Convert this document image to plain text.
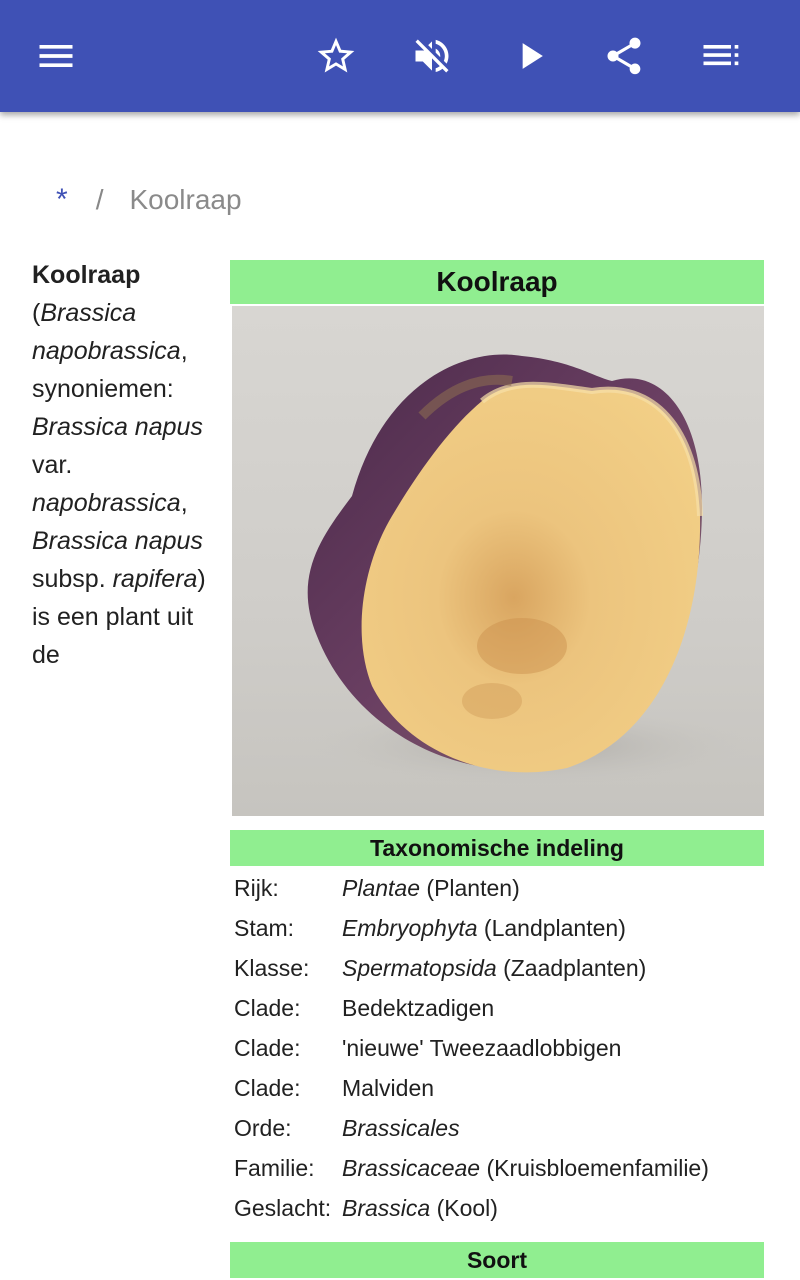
* / Koolraap
Koolraap
(Brassica napobrassica, synoniemen: Brassica napus var. napobrassica, Brassica napus subsp. rapifera) is een plant uit de
Koolraap
Taxonomische indeling
Rijk:	Plantae (Planten)
Stam:	Embryophyta (Landplanten)
Klasse:	Spermatopsida (Zaadplanten)
Clade:	Bedektzadigen
Clade:	'nieuwe' Tweezaadlobbigen
Clade:	Malviden
Orde:	Brassicales
Familie:	Brassicaceae (Kruisbloemenfamilie)
Geslacht: Brassica (Kool)
Soort
